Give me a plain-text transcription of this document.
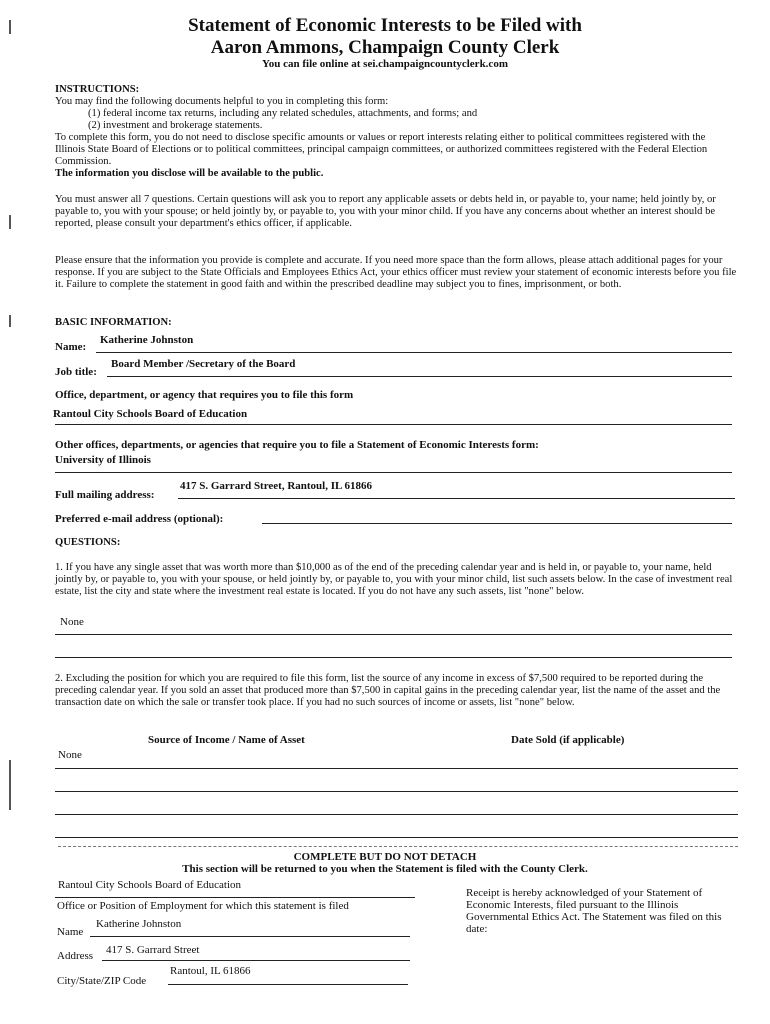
Statement of Economic Interests to be Filed with
Aaron Ammons, Champaign County Clerk
You can file online at sei.champaigncountyclerk.com
INSTRUCTIONS:
You may find the following documents helpful to you in completing this form:
(1) federal income tax returns, including any related schedules, attachments, and forms; and
(2) investment and brokerage statements.
To complete this form, you do not need to disclose specific amounts or values or report interests relating either to political committees registered with the Illinois State Board of Elections or to political committees, principal campaign committees, or authorized committees registered with the Federal Election Commission.
The information you disclose will be available to the public.
You must answer all 7 questions. Certain questions will ask you to report any applicable assets or debts held in, or payable to, your name; held jointly by, or payable to, you with your spouse; or held jointly by, or payable to, you with your minor child. If you have any concerns about whether an interest should be reported, please consult your department's ethics officer, if applicable.
Please ensure that the information you provide is complete and accurate. If you need more space than the form allows, please attach additional pages for your response. If you are subject to the State Officials and Employees Ethics Act, your ethics officer must review your statement of economic interests before you file it. Failure to complete the statement in good faith and within the prescribed deadline may subject you to fines, imprisonment, or both.
BASIC INFORMATION:
Name:
Katherine Johnston
Job title:
Board Member /Secretary of the Board
Office, department, or agency that requires you to file this form
Rantoul City Schools Board of Education
Other offices, departments, or agencies that require you to file a Statement of Economic Interests form:
University of Illinois
417 S. Garrard Street, Rantoul, IL 61866
Full mailing address:
Preferred e-mail address (optional):
QUESTIONS:
1. If you have any single asset that was worth more than $10,000 as of the end of the preceding calendar year and is held in, or payable to, your name, held jointly by, or payable to, you with your spouse, or held jointly by, or payable to, you with your minor child, list such assets below. In the case of investment real estate, list the city and state where the investment real estate is located. If you do not have any such assets, list "none" below.
None
2. Excluding the position for which you are required to file this form, list the source of any income in excess of $7,500 required to be reported during the preceding calendar year. If you sold an asset that produced more than $7,500 in capital gains in the preceding calendar year, list the name of the asset and the transaction date on which the sale or transfer took place. If you had no such sources of income or assets, list "none" below.
Source of Income / Name of Asset	Date Sold (if applicable)
None
COMPLETE BUT DO NOT DETACH
This section will be returned to you when the Statement is filed with the County Clerk.
Rantoul City Schools Board of Education
Office or Position of Employment for which this statement is filed
Katherine Johnston
Name
417 S. Garrard Street
Address
Rantoul, IL 61866
City/State/ZIP Code
Receipt is hereby acknowledged of your Statement of Economic Interests, filed pursuant to the Illinois Governmental Ethics Act. The Statement was filed on this date:
